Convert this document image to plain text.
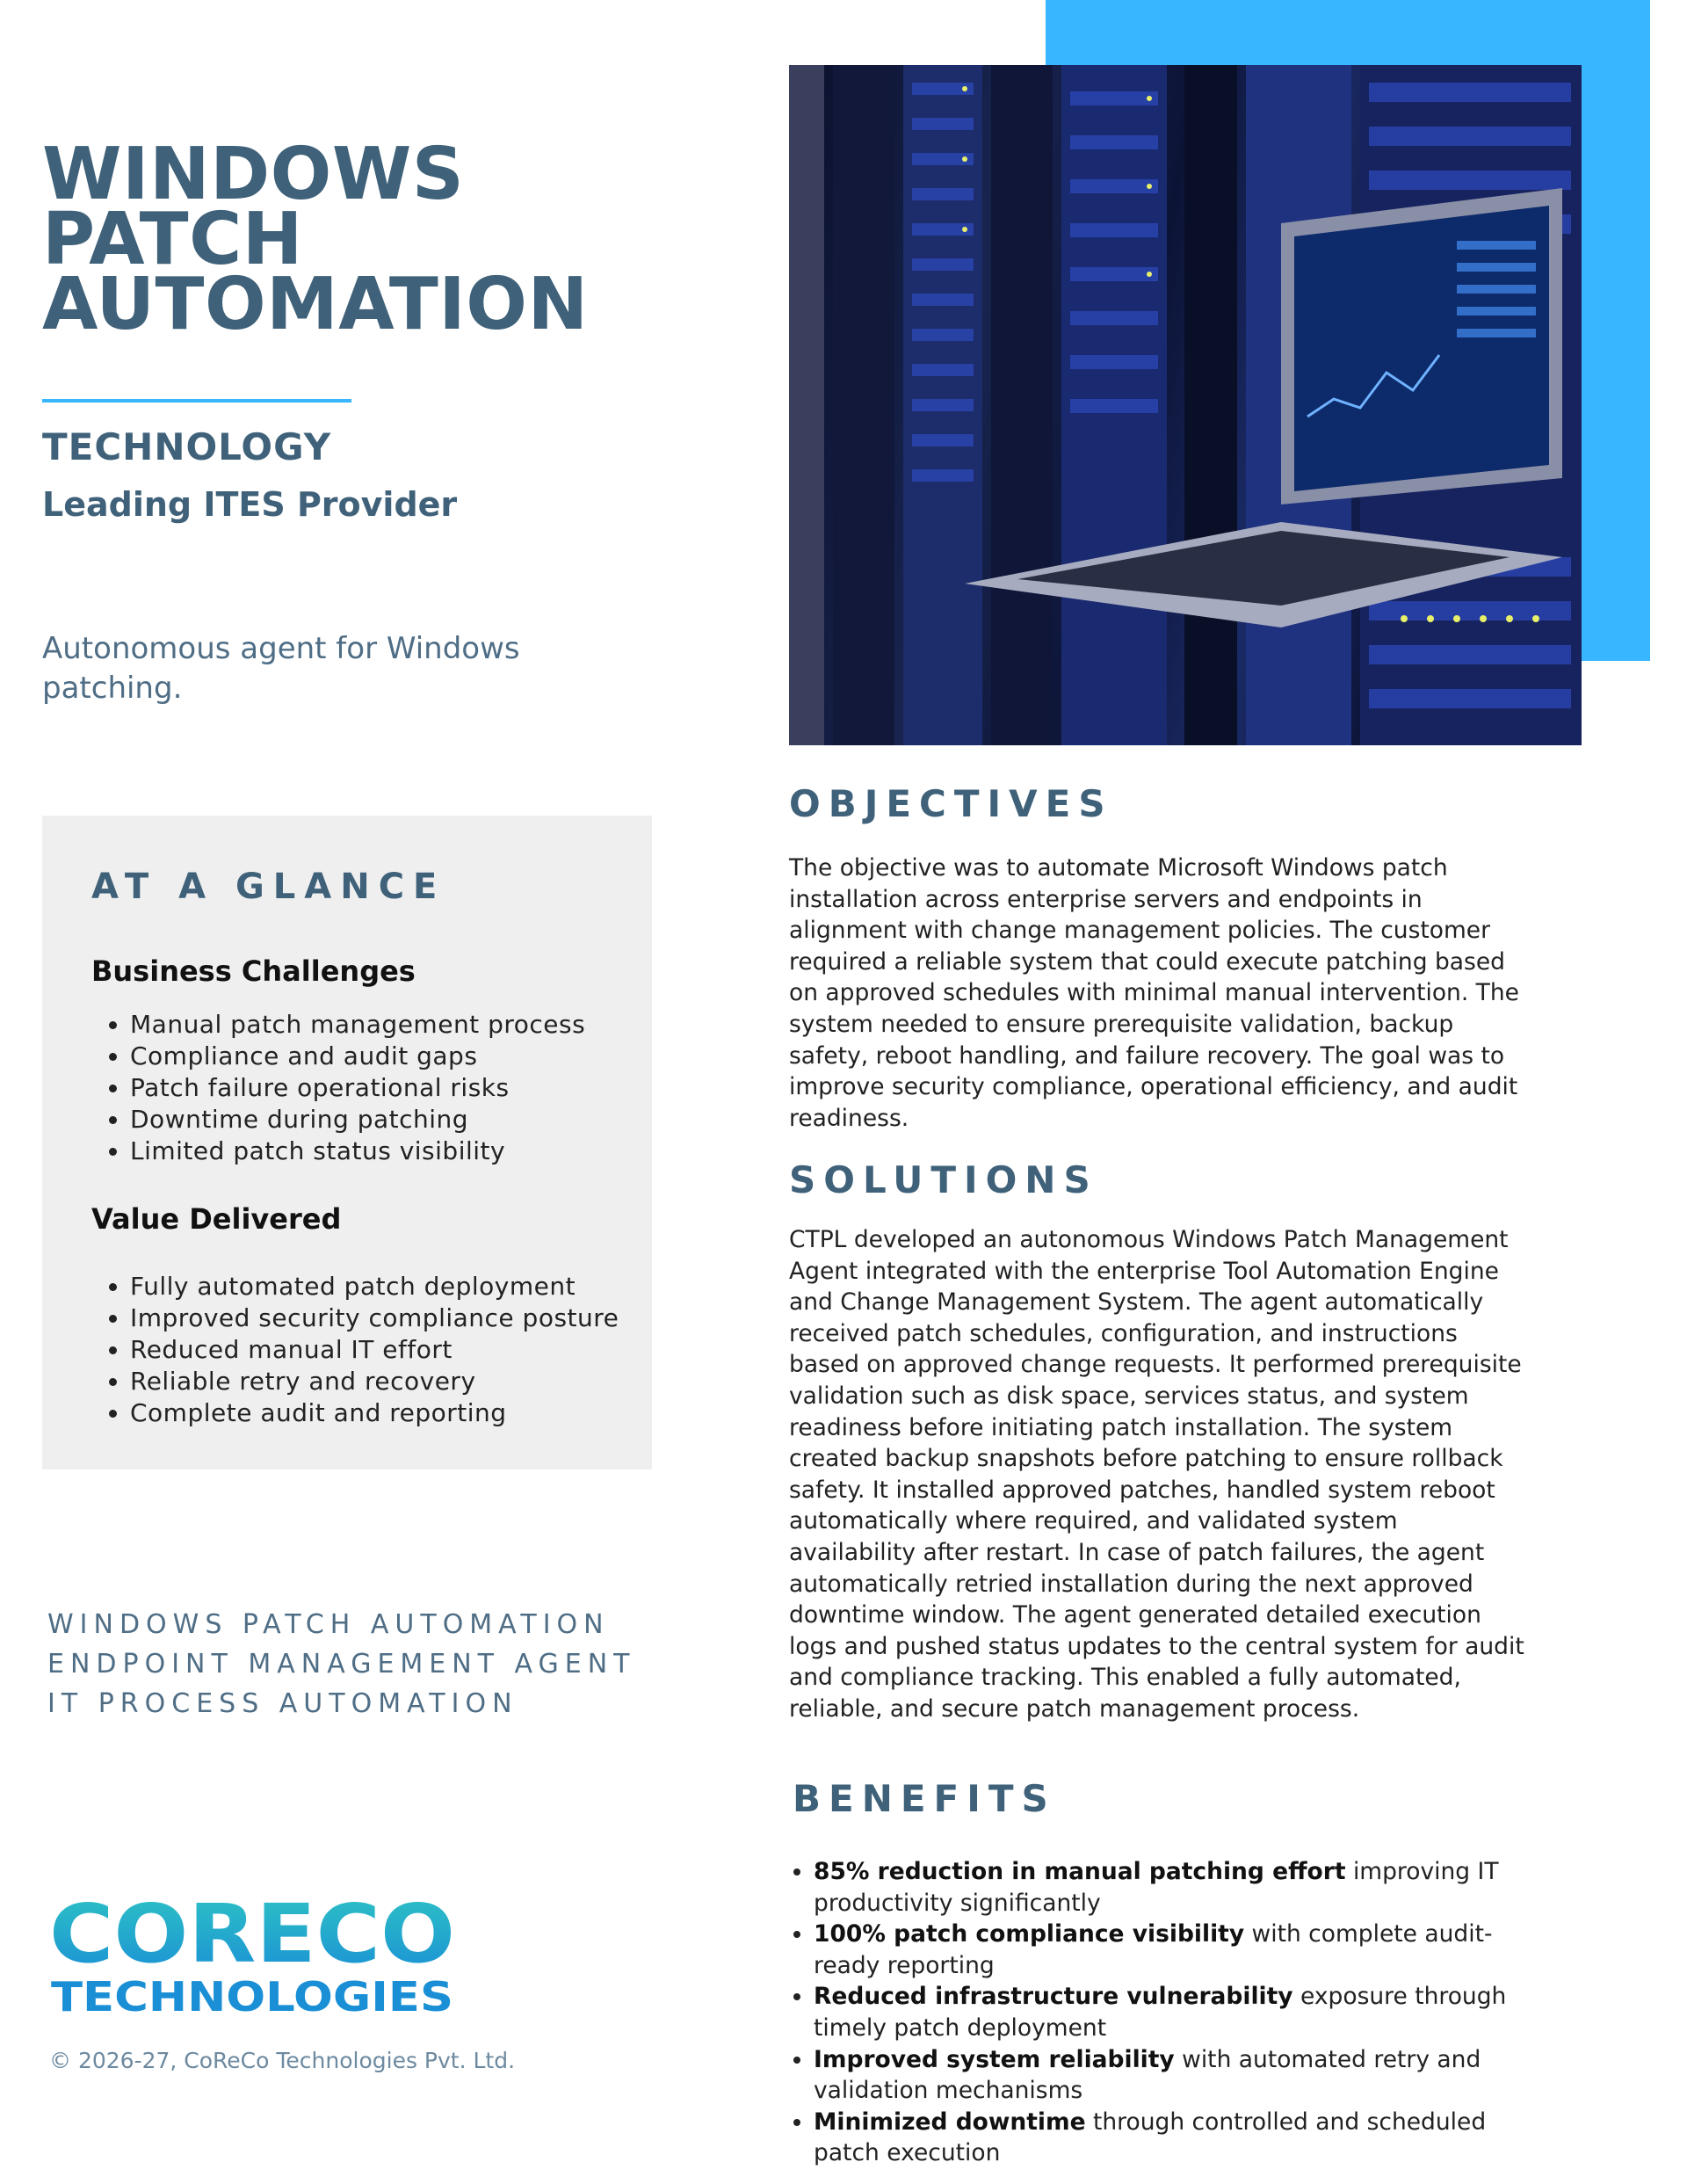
WINDOWS
PATCH
AUTOMATION
TECHNOLOGY
Leading ITES Provider
Autonomous agent for Windows patching.
AT A GLANCE
Business Challenges
• Manual patch management process
• Compliance and audit gaps
• Patch failure operational risks
• Downtime during patching
• Limited patch status visibility
Value Delivered
• Fully automated patch deployment
• Improved security compliance posture
• Reduced manual IT effort
• Reliable retry and recovery
• Complete audit and reporting
WINDOWS PATCH AUTOMATION
ENDPOINT MANAGEMENT AGENT
IT PROCESS AUTOMATION
CORECO
TECHNOLOGIES
© 2026-27, CoReCo Technologies Pvt. Ltd.
OBJECTIVES
The objective was to automate Microsoft Windows patch installation across enterprise servers and endpoints in alignment with change management policies. The customer required a reliable system that could execute patching based on approved schedules with minimal manual intervention. The system needed to ensure prerequisite validation, backup safety, reboot handling, and failure recovery. The goal was to improve security compliance, operational efficiency, and audit readiness.
SOLUTIONS
CTPL developed an autonomous Windows Patch Management Agent integrated with the enterprise Tool Automation Engine and Change Management System. The agent automatically received patch schedules, configuration, and instructions based on approved change requests. It performed prerequisite validation such as disk space, services status, and system readiness before initiating patch installation. The system created backup snapshots before patching to ensure rollback safety. It installed approved patches, handled system reboot automatically where required, and validated system availability after restart. In case of patch failures, the agent automatically retried installation during the next approved downtime window. The agent generated detailed execution logs and pushed status updates to the central system for audit and compliance tracking. This enabled a fully automated, reliable, and secure patch management process.
BENEFITS
• 85% reduction in manual patching effort improving IT productivity significantly
• 100% patch compliance visibility with complete audit-ready reporting
• Reduced infrastructure vulnerability exposure through timely patch deployment
• Improved system reliability with automated retry and validation mechanisms
• Minimized downtime through controlled and scheduled patch execution
